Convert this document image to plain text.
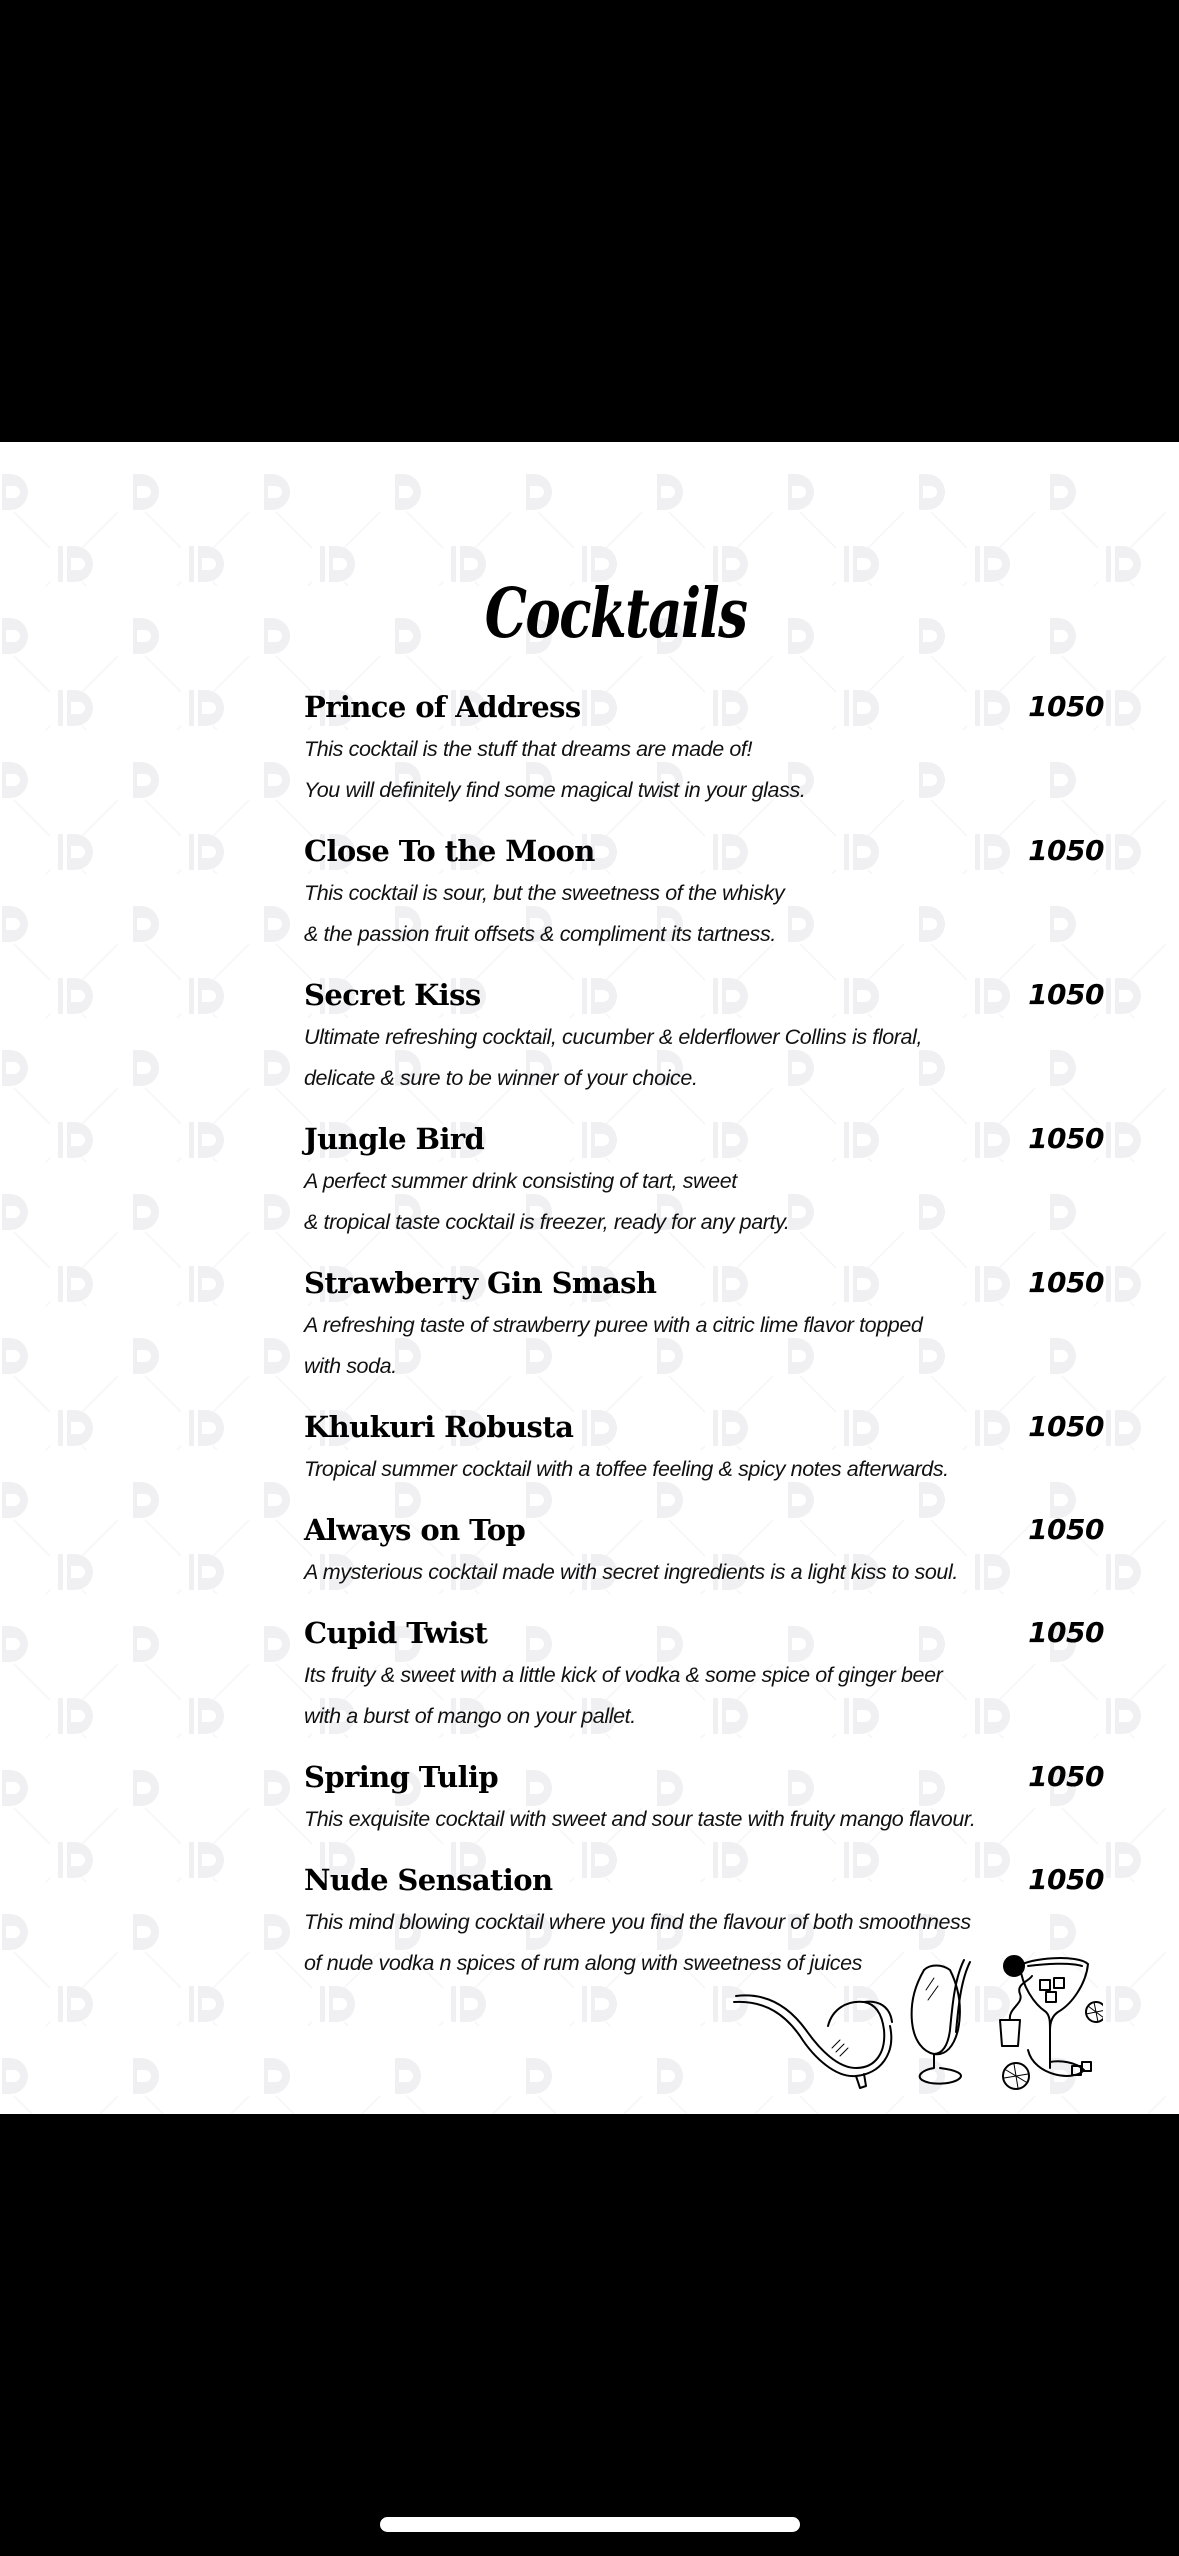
Cocktails
Prince of Address	1050
This cocktail is the stuff that dreams are made of!
You will definitely find some magical twist in your glass.
Close To the Moon	1050
This cocktail is sour, but the sweetness of the whisky
& the passion fruit offsets & compliment its tartness.
Secret Kiss	1050
Ultimate refreshing cocktail, cucumber & elderflower Collins is floral,
delicate & sure to be winner of your choice.
Jungle Bird	1050
A perfect summer drink consisting of tart, sweet
& tropical taste cocktail is freezer, ready for any party.
Strawberry Gin Smash	1050
A refreshing taste of strawberry puree with a citric lime flavor topped
with soda.
Khukuri Robusta	1050
Tropical summer cocktail with a toffee feeling & spicy notes afterwards.
Always on Top	1050
A mysterious cocktail made with secret ingredients is a light kiss to soul.
Cupid Twist	1050
Its fruity & sweet with a little kick of vodka & some spice of ginger beer
with a burst of mango on your pallet.
Spring Tulip	1050
This exquisite cocktail with sweet and sour taste with fruity mango flavour.
Nude Sensation	1050
This mind blowing cocktail where you find the flavour of both smoothness
of nude vodka n spices of rum along with sweetness of juices
